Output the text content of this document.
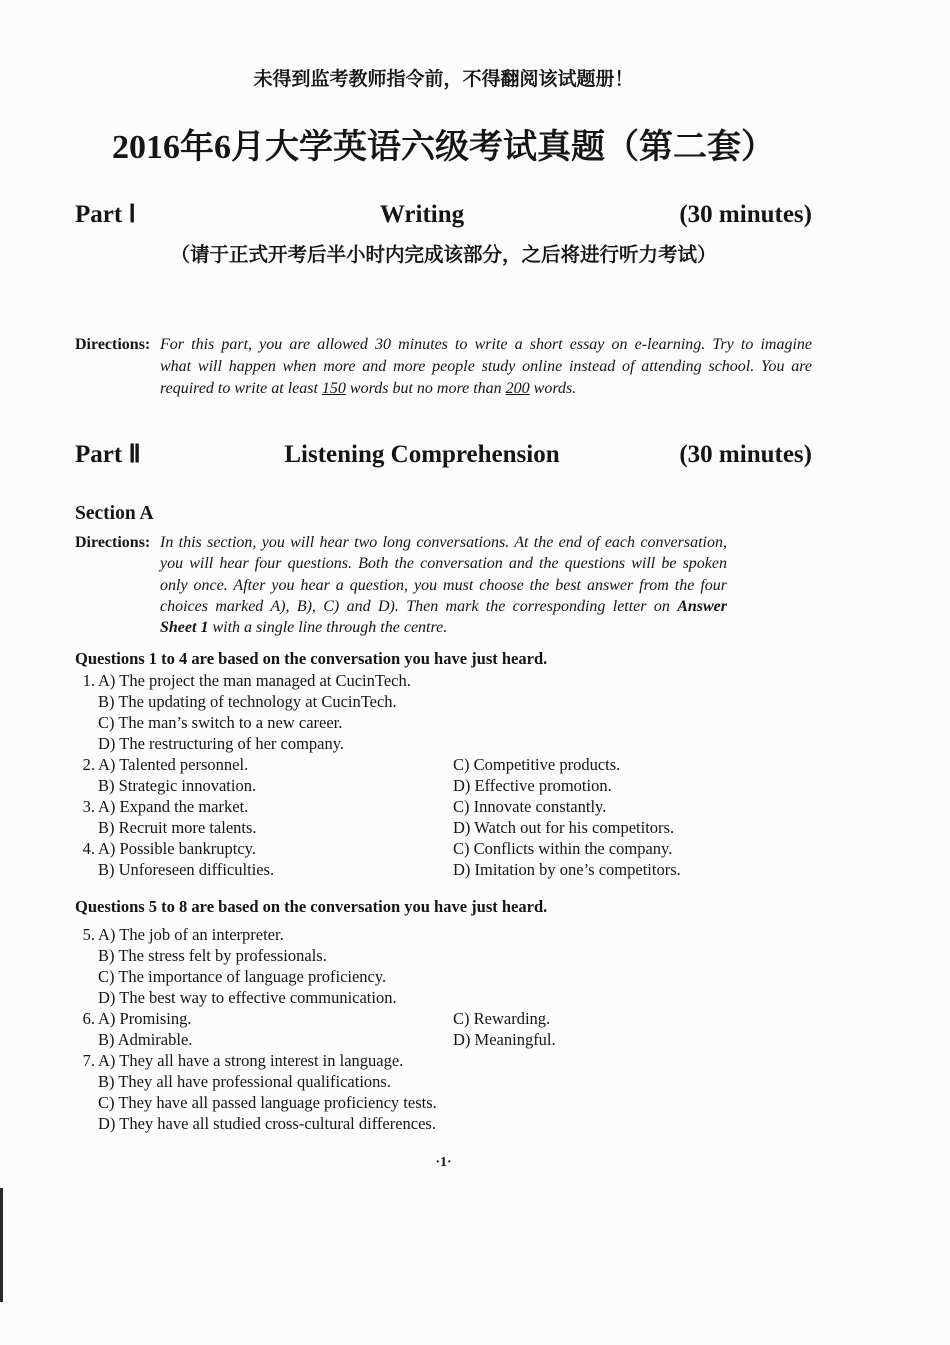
未得到监考教师指令前，不得翻阅该试题册！
2016年6月大学英语六级考试真题（第二套）
Part Ⅰ	Writing	(30 minutes)
（请于正式开考后半小时内完成该部分，之后将进行听力考试）
Directions: For this part, you are allowed 30 minutes to write a short essay on e-learning. Try to imagine
what will happen when more and more people study online instead of attending school. You are
required to write at least 150 words but no more than 200 words.
Part Ⅱ	Listening Comprehension	(30 minutes)
Section A
Directions: In this section, you will hear two long conversations. At the end of each conversation,
you will hear four questions. Both the conversation and the questions will be spoken
only once. After you hear a question, you must choose the best answer from the four
choices marked A), B), C) and D). Then mark the corresponding letter on Answer
Sheet 1 with a single line through the centre.
Questions 1 to 4 are based on the conversation you have just heard.
1. A) The project the man managed at CucinTech.
B) The updating of technology at CucinTech.
C) The man’s switch to a new career.
D) The restructuring of her company.
2. A) Talented personnel.	C) Competitive products.
B) Strategic innovation.	D) Effective promotion.
3. A) Expand the market.	C) Innovate constantly.
B) Recruit more talents.	D) Watch out for his competitors.
4. A) Possible bankruptcy.	C) Conflicts within the company.
B) Unforeseen difficulties.	D) Imitation by one’s competitors.
Questions 5 to 8 are based on the conversation you have just heard.
5. A) The job of an interpreter.
B) The stress felt by professionals.
C) The importance of language proficiency.
D) The best way to effective communication.
6. A) Promising.	C) Rewarding.
B) Admirable.	D) Meaningful.
7. A) They all have a strong interest in language.
B) They all have professional qualifications.
C) They have all passed language proficiency tests.
D) They have all studied cross-cultural differences.
·1·
